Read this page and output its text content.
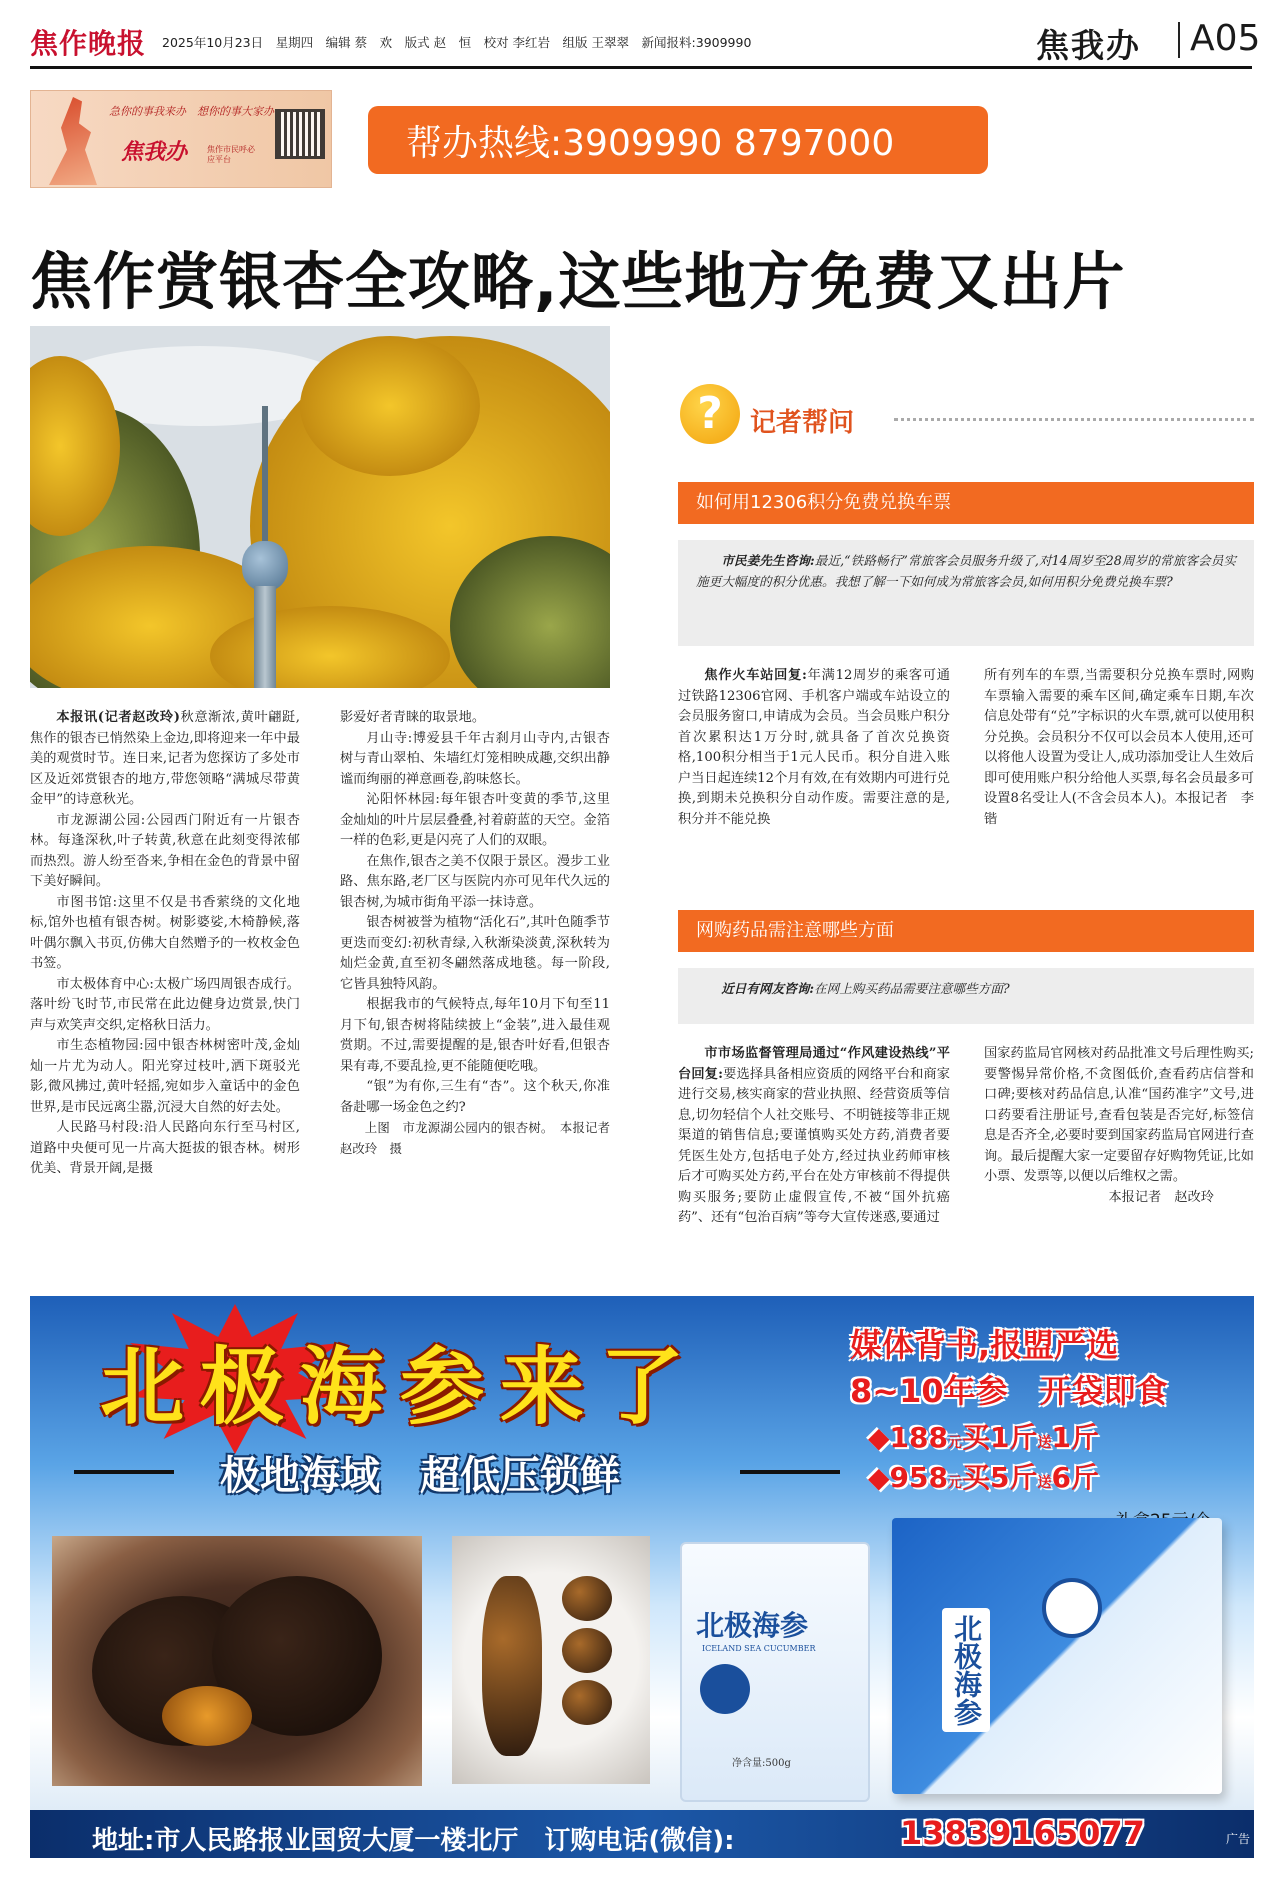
焦作晚报 2025年10月23日　星期四　编辑 蔡　欢　版式 赵　恒　校对 李红岩　组版 王翠翠　新闻报料:3909990	焦我办 A05
急你的事我来办　想你的事大家办
焦我办 焦作市民呼必应平台	帮办热线:3909990 8797000
焦作赏银杏全攻略,这些地方免费又出片

本报讯(记者赵改玲)秋意渐浓,黄叶翩跹,焦作的银杏已悄然染上金边,即将迎来一年中最美的观赏时节。连日来,记者为您探访了多处市区及近郊赏银杏的地方,带您领略“满城尽带黄金甲”的诗意秋光。

市龙源湖公园:公园西门附近有一片银杏林。每逢深秋,叶子转黄,秋意在此刻变得浓郁而热烈。游人纷至沓来,争相在金色的背景中留下美好瞬间。

市图书馆:这里不仅是书香萦绕的文化地标,馆外也植有银杏树。树影婆娑,木椅静候,落叶偶尔飘入书页,仿佛大自然赠予的一枚枚金色书签。

市太极体育中心:太极广场四周银杏成行。落叶纷飞时节,市民常在此边健身边赏景,快门声与欢笑声交织,定格秋日活力。

市生态植物园:园中银杏林树密叶茂,金灿灿一片尤为动人。阳光穿过枝叶,洒下斑驳光影,微风拂过,黄叶轻摇,宛如步入童话中的金色世界,是市民远离尘嚣,沉浸大自然的好去处。

人民路马村段:沿人民路向东行至马村区,道路中央便可见一片高大挺拔的银杏林。树形优美、背景开阔,是摄

影爱好者青睐的取景地。

月山寺:博爱县千年古刹月山寺内,古银杏树与青山翠柏、朱墙红灯笼相映成趣,交织出静谧而绚丽的禅意画卷,韵味悠长。

沁阳怀林园:每年银杏叶变黄的季节,这里金灿灿的叶片层层叠叠,衬着蔚蓝的天空。金箔一样的色彩,更是闪亮了人们的双眼。

在焦作,银杏之美不仅限于景区。漫步工业路、焦东路,老厂区与医院内亦可见年代久远的银杏树,为城市街角平添一抹诗意。

银杏树被誉为植物“活化石”,其叶色随季节更迭而变幻:初秋青绿,入秋渐染淡黄,深秋转为灿烂金黄,直至初冬翩然落成地毯。每一阶段,它皆具独特风韵。

根据我市的气候特点,每年10月下旬至11月下旬,银杏树将陆续披上“金装”,进入最佳观赏期。不过,需要提醒的是,银杏叶好看,但银杏果有毒,不要乱捡,更不能随便吃哦。

“银”为有你,三生有“杏”。这个秋天,你准备赴哪一场金色之约?

上图　市龙源湖公园内的银杏树。　本报记者　赵改玲　摄

?	记者帮问
如何用12306积分免费兑换车票

市民姜先生咨询:最近,“铁路畅行”常旅客会员服务升级了,对14周岁至28周岁的常旅客会员实施更大幅度的积分优惠。我想了解一下如何成为常旅客会员,如何用积分免费兑换车票?

焦作火车站回复:年满12周岁的乘客可通过铁路12306官网、手机客户端或车站设立的会员服务窗口,申请成为会员。当会员账户积分首次累积达1万分时,就具备了首次兑换资格,100积分相当于1元人民币。积分自进入账户当日起连续12个月有效,在有效期内可进行兑换,到期未兑换积分自动作废。需要注意的是,积分并不能兑换

所有列车的车票,当需要积分兑换车票时,网购车票输入需要的乘车区间,确定乘车日期,车次信息处带有“兑”字标识的火车票,就可以使用积分兑换。会员积分不仅可以会员本人使用,还可以将他人设置为受让人,成功添加受让人生效后即可使用账户积分给他人买票,每名会员最多可设置8名受让人(不含会员本人)。本报记者　李　锴

网购药品需注意哪些方面

近日有网友咨询:在网上购买药品需要注意哪些方面?

市市场监督管理局通过“作风建设热线”平台回复:要选择具备相应资质的网络平台和商家进行交易,核实商家的营业执照、经营资质等信息,切勿轻信个人社交账号、不明链接等非正规渠道的销售信息;要谨慎购买处方药,消费者要凭医生处方,包括电子处方,经过执业药师审核后才可购买处方药,平台在处方审核前不得提供购买服务;要防止虚假宣传,不被“国外抗癌药”、还有“包治百病”等夸大宣传迷惑,要通过

国家药监局官网核对药品批准文号后理性购买;要警惕异常价格,不贪图低价,查看药店信誉和口碑;要核对药品信息,认准“国药准字”文号,进口药要看注册证号,查看包装是否完好,标签信息是否齐全,必要时要到国家药监局官网进行查询。最后提醒大家一定要留存好购物凭证,比如小票、发票等,以便以后维权之需。

本报记者　赵改玲

北极海参来了
极地海域　超低压锁鲜
媒体背书,报盟严选
8~10年参　开袋即食
◆188元买1斤送1斤
◆958元买5斤送6斤
北极海参
ICELAND SEA CUCUMBER
净含量:500g
北极海参
地址:市人民路报业国贸大厦一楼北厅　订购电话(微信):	13839165077	广告
